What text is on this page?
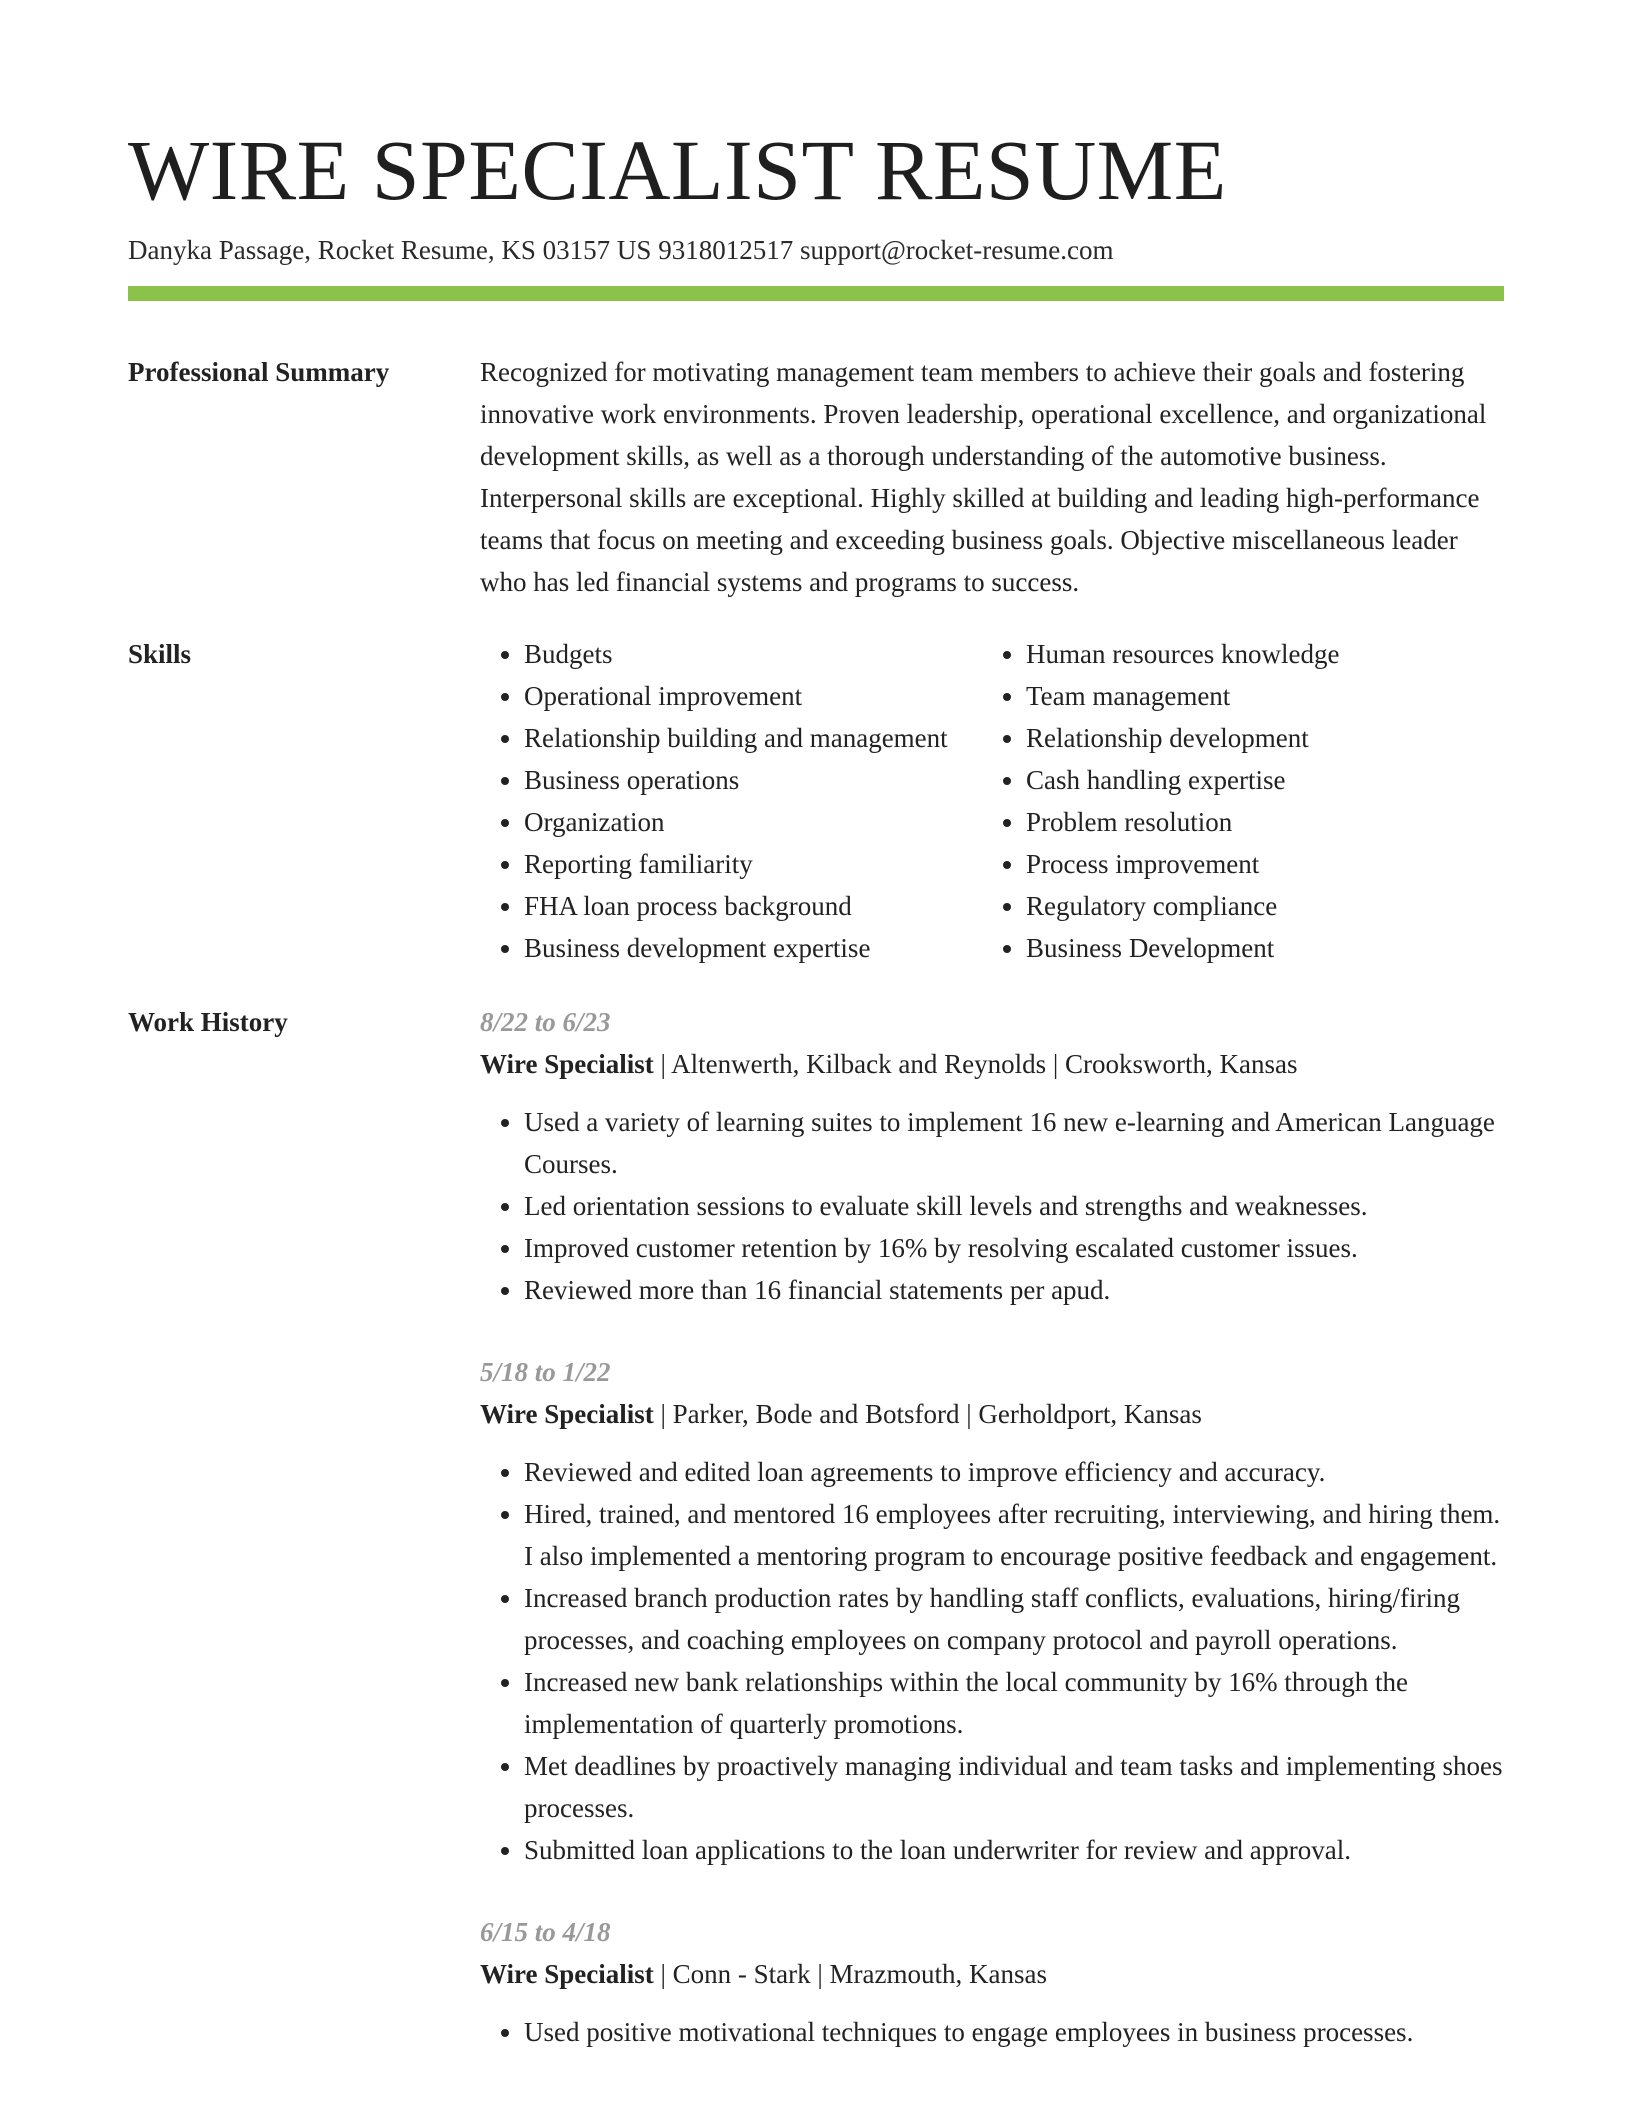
WIRE SPECIALIST RESUME
Danyka Passage, Rocket Resume, KS 03157 US 9318012517 support@rocket-resume.com
Professional Summary	Recognized for motivating management team members to achieve their goals and fostering innovative work environments. Proven leadership, operational excellence, and organizational development skills, as well as a thorough understanding of the automotive business. Interpersonal skills are exceptional. Highly skilled at building and leading high-performance teams that focus on meeting and exceeding business goals. Objective miscellaneous leader who has led financial systems and programs to success.
Skills
•	Budgets
• Operational improvement
• Relationship building and management
• Business operations
• Organization
• Reporting familiarity
• FHA loan process background
• Business development expertise
• Human resources knowledge
• Team management
• Relationship development
• Cash handling expertise
• Problem resolution
• Process improvement
• Regulatory compliance
• Business Development
Work History	8/22 to 6/23
Wire Specialist | Altenwerth, Kilback and Reynolds | Crooksworth, Kansas
• Used a variety of learning suites to implement 16 new e-learning and American Language Courses.
• Led orientation sessions to evaluate skill levels and strengths and weaknesses.
• Improved customer retention by 16% by resolving escalated customer issues.
• Reviewed more than 16 financial statements per apud.
5/18 to 1/22
Wire Specialist | Parker, Bode and Botsford | Gerholdport, Kansas
• Reviewed and edited loan agreements to improve efficiency and accuracy.
• Hired, trained, and mentored 16 employees after recruiting, interviewing, and hiring them. I also implemented a mentoring program to encourage positive feedback and engagement.
• Increased branch production rates by handling staff conflicts, evaluations, hiring/firing processes, and coaching employees on company protocol and payroll operations.
• Increased new bank relationships within the local community by 16% through the implementation of quarterly promotions.
• Met deadlines by proactively managing individual and team tasks and implementing shoes processes.
• Submitted loan applications to the loan underwriter for review and approval.
6/15 to 4/18
Wire Specialist | Conn - Stark | Mrazmouth, Kansas
• Used positive motivational techniques to engage employees in business processes.
